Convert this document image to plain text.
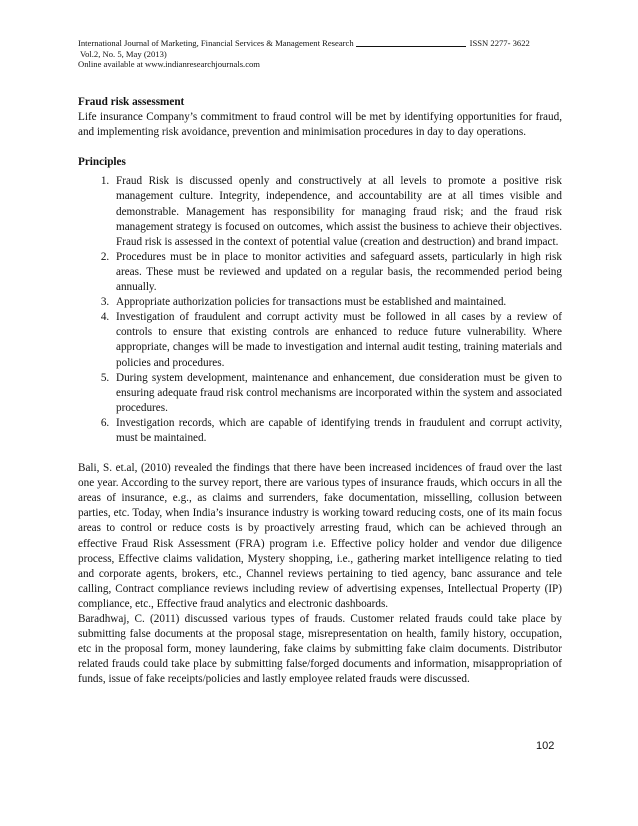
International Journal of Marketing, Financial Services & Management Research	ISSN 2277- 3622
Vol.2, No. 5, May (2013)
Online available at www.indianresearchjournals.com

Fraud risk assessment

Life insurance Company’s commitment to fraud control will be met by identifying opportunities for fraud, and implementing risk avoidance, prevention and minimisation procedures in day to day operations.

Principles

1. Fraud Risk is discussed openly and constructively at all levels to promote a positive risk management culture. Integrity, independence, and accountability are at all times visible and demonstrable. Management has responsibility for managing fraud risk; and the fraud risk management strategy is focused on outcomes, which assist the business to achieve their objectives. Fraud risk is assessed in the context of potential value (creation and destruction) and brand impact.
2. Procedures must be in place to monitor activities and safeguard assets, particularly in high risk areas. These must be reviewed and updated on a regular basis, the recommended period being annually.
3. Appropriate authorization policies for transactions must be established and maintained.
4. Investigation of fraudulent and corrupt activity must be followed in all cases by a review of controls to ensure that existing controls are enhanced to reduce future vulnerability. Where appropriate, changes will be made to investigation and internal audit testing, training materials and policies and procedures.
5. During system development, maintenance and enhancement, due consideration must be given to ensuring adequate fraud risk control mechanisms are incorporated within the system and associated procedures.
6. Investigation records, which are capable of identifying trends in fraudulent and corrupt activity, must be maintained.

Bali, S. et.al, (2010) revealed the findings that there have been increased incidences of fraud over the last one year. According to the survey report, there are various types of insurance frauds, which occurs in all the areas of insurance, e.g., as claims and surrenders, fake documentation, misselling, collusion between parties, etc. Today, when India’s insurance industry is working toward reducing costs, one of its main focus areas to control or reduce costs is by proactively arresting fraud, which can be achieved through an effective Fraud Risk Assessment (FRA) program i.e. Effective policy holder and vendor due diligence process, Effective claims validation, Mystery shopping, i.e., gathering market intelligence relating to tied and corporate agents, brokers, etc., Channel reviews pertaining to tied agency, banc assurance and tele calling, Contract compliance reviews including review of advertising expenses, Intellectual Property (IP) compliance, etc., Effective fraud analytics and electronic dashboards.

Baradhwaj, C. (2011) discussed various types of frauds. Customer related frauds could take place by submitting false documents at the proposal stage, misrepresentation on health, family history, occupation, etc in the proposal form, money laundering, fake claims by submitting fake claim documents. Distributor related frauds could take place by submitting false/forged documents and information, misappropriation of funds, issue of fake receipts/policies and lastly employee related frauds were discussed.

102
